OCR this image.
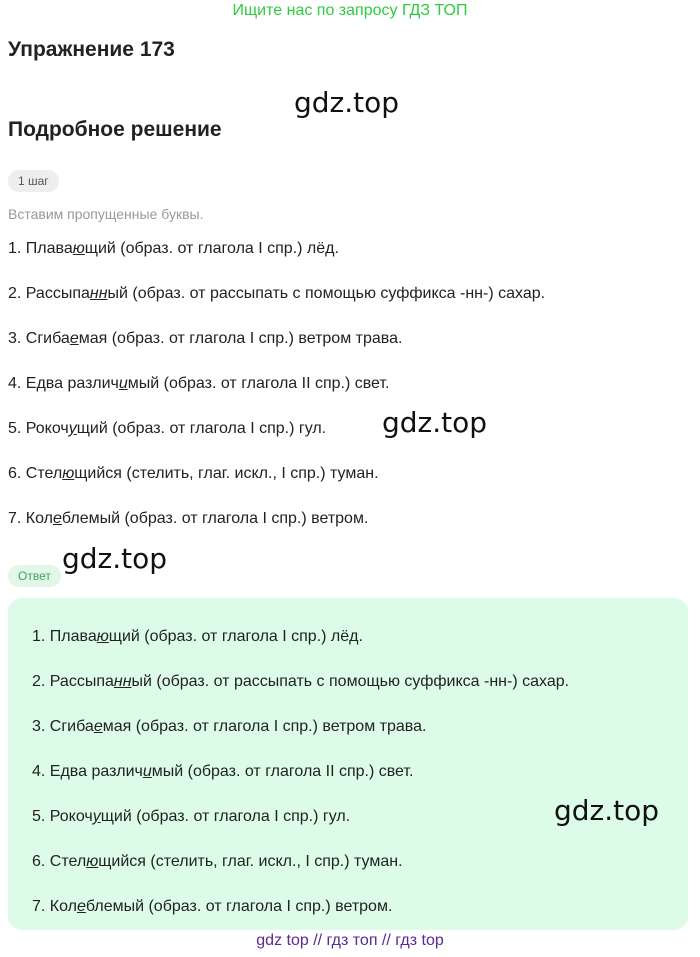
Ищите нас по запросу ГДЗ ТОП
Упражнение 173
gdz.top
Подробное решение
1 шаг
Вставим пропущенные буквы.
1. Плавающий (образ. от глагола I спр.) лёд.
2. Рассыпанный (образ. от рассыпать с помощью суффикса -нн-) сахар.
3. Сгибаемая (образ. от глагола I спр.) ветром трава.
4. Едва различимый (образ. от глагола II спр.) свет.
5. Рокочущий (образ. от глагола I спр.) гул.
6. Стелющийся (стелить, глаг. искл., I спр.) туман.
7. Колеблемый (образ. от глагола I спр.) ветром.
gdz.top
gdz.top
Ответ
1. Плавающий (образ. от глагола I спр.) лёд.
2. Рассыпанный (образ. от рассыпать с помощью суффикса -нн-) сахар.
3. Сгибаемая (образ. от глагола I спр.) ветром трава.
4. Едва различимый (образ. от глагола II спр.) свет.
5. Рокочущий (образ. от глагола I спр.) гул.
6. Стелющийся (стелить, глаг. искл., I спр.) туман.
7. Колеблемый (образ. от глагола I спр.) ветром.
gdz.top
gdz top // гдз топ // гдз top
